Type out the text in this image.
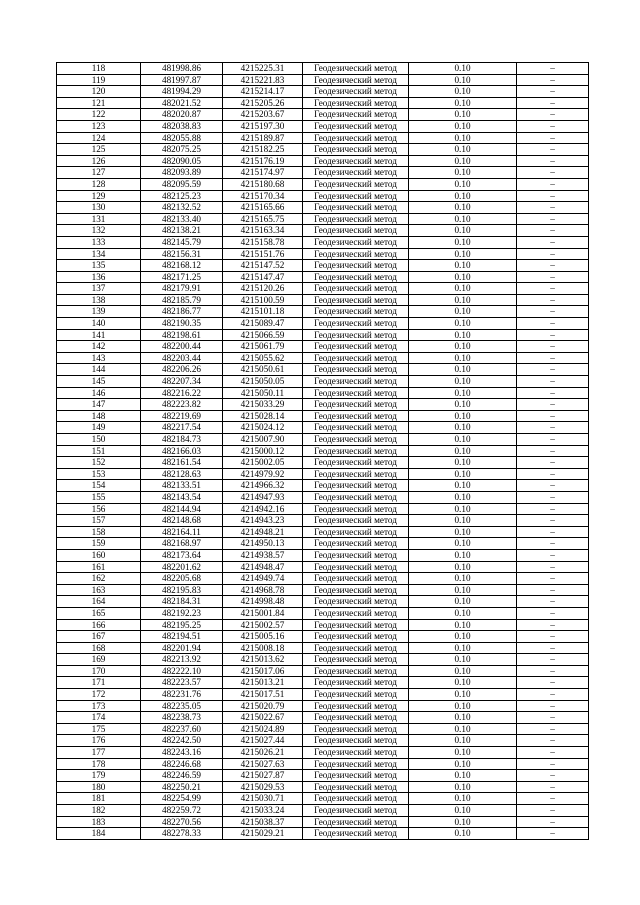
118	481998.86	4215225.31	Геодезический метод	0.10	–
119	481997.87	4215221.83	Геодезический метод	0.10	–
120	481994.29	4215214.17	Геодезический метод	0.10	–
121	482021.52	4215205.26	Геодезический метод	0.10	–
122	482020.87	4215203.67	Геодезический метод	0.10	–
123	482038.83	4215197.30	Геодезический метод	0.10	–
124	482055.88	4215189.87	Геодезический метод	0.10	–
125	482075.25	4215182.25	Геодезический метод	0.10	–
126	482090.05	4215176.19	Геодезический метод	0.10	–
127	482093.89	4215174.97	Геодезический метод	0.10	–
128	482095.59	4215180.68	Геодезический метод	0.10	–
129	482125.23	4215170.34	Геодезический метод	0.10	–
130	482132.52	4215165.66	Геодезический метод	0.10	–
131	482133.40	4215165.75	Геодезический метод	0.10	–
132	482138.21	4215163.34	Геодезический метод	0.10	–
133	482145.79	4215158.78	Геодезический метод	0.10	–
134	482156.31	4215151.76	Геодезический метод	0.10	–
135	482168.12	4215147.52	Геодезический метод	0.10	–
136	482171.25	4215147.47	Геодезический метод	0.10	–
137	482179.91	4215120.26	Геодезический метод	0.10	–
138	482185.79	4215100.59	Геодезический метод	0.10	–
139	482186.77	4215101.18	Геодезический метод	0.10	–
140	482190.35	4215089.47	Геодезический метод	0.10	–
141	482198.61	4215066.59	Геодезический метод	0.10	–
142	482200.44	4215061.79	Геодезический метод	0.10	–
143	482203.44	4215055.62	Геодезический метод	0.10	–
144	482206.26	4215050.61	Геодезический метод	0.10	–
145	482207.34	4215050.05	Геодезический метод	0.10	–
146	482216.22	4215050.11	Геодезический метод	0.10	–
147	482223.82	4215033.29	Геодезический метод	0.10	–
148	482219.69	4215028.14	Геодезический метод	0.10	–
149	482217.54	4215024.12	Геодезический метод	0.10	–
150	482184.73	4215007.90	Геодезический метод	0.10	–
151	482166.03	4215000.12	Геодезический метод	0.10	–
152	482161.54	4215002.05	Геодезический метод	0.10	–
153	482128.63	4214979.92	Геодезический метод	0.10	–
154	482133.51	4214966.32	Геодезический метод	0.10	–
155	482143.54	4214947.93	Геодезический метод	0.10	–
156	482144.94	4214942.16	Геодезический метод	0.10	–
157	482148.68	4214943.23	Геодезический метод	0.10	–
158	482164.11	4214948.21	Геодезический метод	0.10	–
159	482168.97	4214950.13	Геодезический метод	0.10	–
160	482173.64	4214938.57	Геодезический метод	0.10	–
161	482201.62	4214948.47	Геодезический метод	0.10	–
162	482205.68	4214949.74	Геодезический метод	0.10	–
163	482195.83	4214968.78	Геодезический метод	0.10	–
164	482184.31	4214998.48	Геодезический метод	0.10	–
165	482192.23	4215001.84	Геодезический метод	0.10	–
166	482195.25	4215002.57	Геодезический метод	0.10	–
167	482194.51	4215005.16	Геодезический метод	0.10	–
168	482201.94	4215008.18	Геодезический метод	0.10	–
169	482213.92	4215013.62	Геодезический метод	0.10	–
170	482222.10	4215017.06	Геодезический метод	0.10	–
171	482223.57	4215013.21	Геодезический метод	0.10	–
172	482231.76	4215017.51	Геодезический метод	0.10	–
173	482235.05	4215020.79	Геодезический метод	0.10	–
174	482238.73	4215022.67	Геодезический метод	0.10	–
175	482237.60	4215024.89	Геодезический метод	0.10	–
176	482242.50	4215027.44	Геодезический метод	0.10	–
177	482243.16	4215026.21	Геодезический метод	0.10	–
178	482246.68	4215027.63	Геодезический метод	0.10	–
179	482246.59	4215027.87	Геодезический метод	0.10	–
180	482250.21	4215029.53	Геодезический метод	0.10	–
181	482254.99	4215030.71	Геодезический метод	0.10	–
182	482259.72	4215033.24	Геодезический метод	0.10	–
183	482270.56	4215038.37	Геодезический метод	0.10	–
184	482278.33	4215029.21	Геодезический метод	0.10	–
